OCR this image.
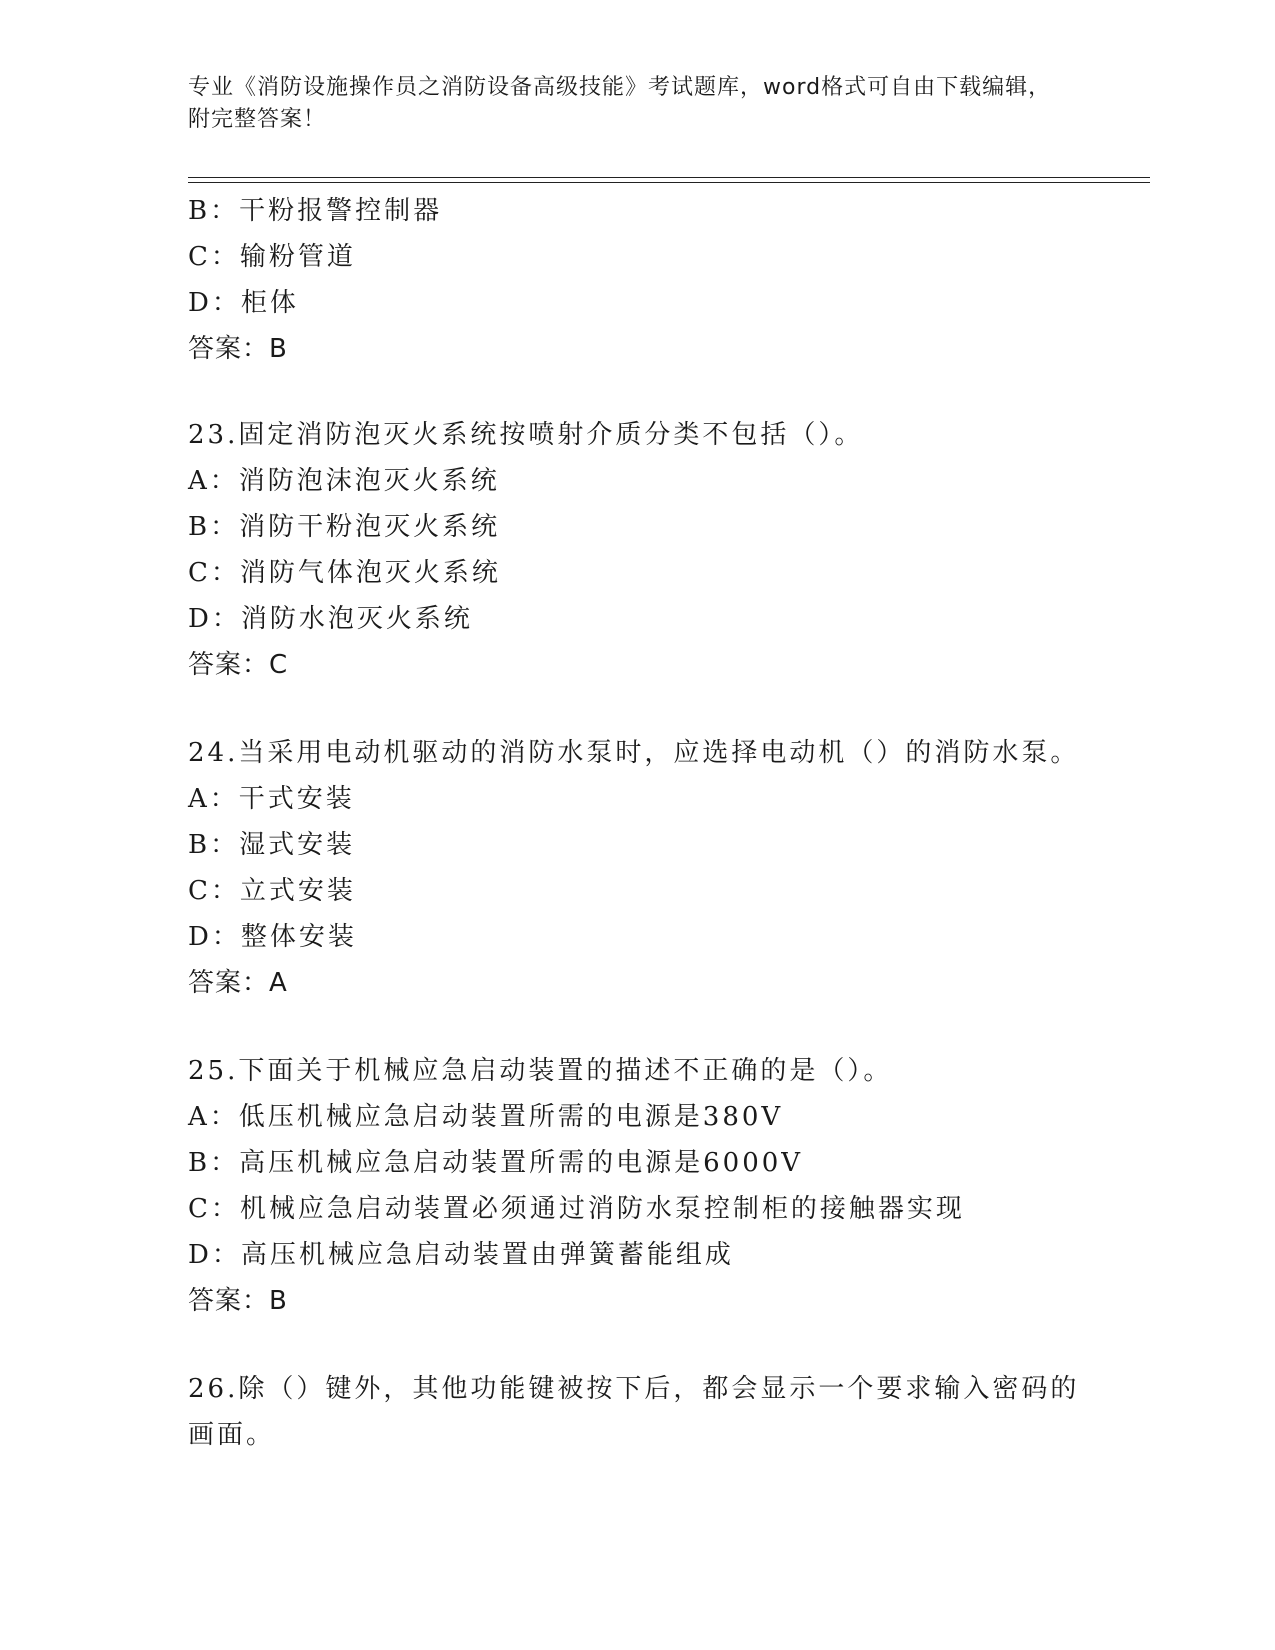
专业《消防设施操作员之消防设备高级技能》考试题库，word格式可自由下载编辑，附完整答案！
B：干粉报警控制器
C：输粉管道
D：柜体
答案：B
23.固定消防泡灭火系统按喷射介质分类不包括（）。
A：消防泡沫泡灭火系统
B：消防干粉泡灭火系统
C：消防气体泡灭火系统
D：消防水泡灭火系统
答案：C
24.当采用电动机驱动的消防水泵时，应选择电动机（）的消防水泵。
A：干式安装
B：湿式安装
C：立式安装
D：整体安装
答案：A
25.下面关于机械应急启动装置的描述不正确的是（）。
A：低压机械应急启动装置所需的电源是380V
B：高压机械应急启动装置所需的电源是6000V
C：机械应急启动装置必须通过消防水泵控制柜的接触器实现
D：高压机械应急启动装置由弹簧蓄能组成
答案：B
26.除（）键外，其他功能键被按下后，都会显示一个要求输入密码的画面。
